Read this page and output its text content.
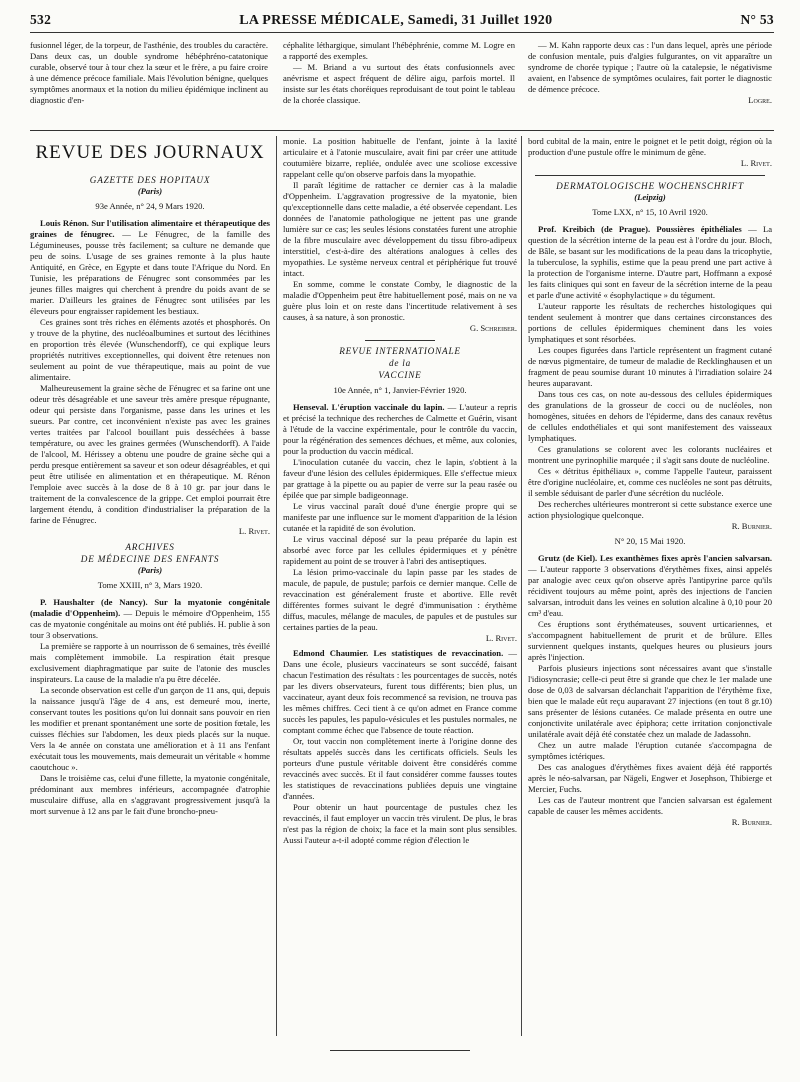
532	LA PRESSE MÉDICALE, Samedi, 31 Juillet 1920	N° 53

fusionnel léger, de la torpeur, de l'asthénie, des troubles du caractère. Dans deux cas, un double syndrome hébéphréno-catatonique curable, observé tour à tour chez la sœur et le frère, a pu faire croire à une démence précoce familiale. Mais l'évolution bénigne, quelques symptômes anormaux et la notion du milieu épidémique inclinent au diagnostic d'en-

céphalite léthargique, simulant l'hébéphrénie, comme M. Logre en a rapporté des exemples.

— M. Briand a vu surtout des états confusionnels avec anévrisme et aspect fréquent de délire aigu, parfois mortel. Il insiste sur les états choréiques reproduisant de tout point le tableau de la chorée classique.

— M. Kahn rapporte deux cas : l'un dans lequel, après une période de confusion mentale, puis d'algies fulgurantes, on vit apparaître un syndrome de chorée typique ; l'autre où la catalepsie, le négativisme avaient, en l'absence de symptômes oculaires, fait porter le diagnostic de démence précoce.

Logre.

REVUE DES JOURNAUX
GAZETTE DES HOPITAUX
(Paris)
93e Année, n° 24, 9 Mars 1920.

Louis Rénon. Sur l'utilisation alimentaire et thérapeutique des graines de fénugrec. — Le Fénugrec, de la famille des Légumineuses, pousse très facilement; sa culture ne demande que peu de soins. L'usage de ses graines remonte à la plus haute Antiquité, en Grèce, en Egypte et dans toute l'Afrique du Nord. En Tunisie, les préparations de Fénugrec sont consommées par les jeunes filles maigres qui cherchent à prendre du poids avant de se marier. D'ailleurs les graines de Fénugrec sont utilisées par les éleveurs pour engraisser rapidement les bestiaux.

Ces graines sont très riches en éléments azotés et phosphorés. On y trouve de la phytine, des nucléoalbumines et surtout des lécithines en proportion très élevée (Wunschendorff), ce qui explique leurs propriétés nutritives exceptionnelles, qui doivent être retenues non seulement au point de vue thérapeutique, mais au point de vue alimentaire.

Malheureusement la graine sèche de Fénugrec et sa farine ont une odeur très désagréable et une saveur très amère presque répugnante, odeur qui persiste dans l'organisme, passe dans les urines et les sueurs. Par contre, cet inconvénient n'existe pas avec les graines vertes traitées par l'alcool bouillant puis desséchées à basse température, ou avec les graines germées (Wunschendorff). A l'aide de l'alcool, M. Hérissey a obtenu une poudre de graine sèche qui a perdu presque entièrement sa saveur et son odeur désagréables, et qui peut être utilisée en alimentation et en thérapeutique. M. Rénon l'emploie avec succès à la dose de 8 à 10 gr. par jour dans le traitement de la convalescence de la grippe. Cet emploi pourrait être largement étendu, à condition d'industrialiser la préparation de la farine de Fénugrec.

L. Rivet.

ARCHIVES
DE MÉDECINE DES ENFANTS
(Paris)
Tome XXIII, n° 3, Mars 1920.

P. Haushalter (de Nancy). Sur la myatonie congénitale (maladie d'Oppenheim). — Depuis le mémoire d'Oppenheim, 155 cas de myatonie congénitale au moins ont été publiés. H. publie à son tour 3 observations.

La première se rapporte à un nourrisson de 6 semaines, très éveillé mais complètement immobile. La respiration était presque exclusivement diaphragmatique par suite de l'atonie des muscles inspirateurs. La cause de la maladie n'a pu être décelée.

La seconde observation est celle d'un garçon de 11 ans, qui, depuis la naissance jusqu'à l'âge de 4 ans, est demeuré mou, inerte, conservant toutes les positions qu'on lui donnait sans pouvoir en rien les modifier et prenant spontanément une sorte de position fœtale, les cuisses fléchies sur l'abdomen, les deux pieds placés sur la nuque. Vers la 4e année on constata une amélioration et à 11 ans l'enfant exécutait tous les mouvements, mais demeurait un véritable « homme caoutchouc ».

Dans le troisième cas, celui d'une fillette, la myatonie congénitale, prédominant aux membres inférieurs, accompagnée d'atrophie musculaire diffuse, alla en s'aggravant progressivement jusqu'à la mort survenue à 12 ans par le fait d'une broncho-pneu-

monie. La position habituelle de l'enfant, jointe à la laxité articulaire et à l'atonie musculaire, avait fini par créer une attitude coutumière bizarre, repliée, ondulée avec une scoliose excessive rappelant celle qu'on observe parfois dans la myopathie.

Il paraît légitime de rattacher ce dernier cas à la maladie d'Oppenheim. L'aggravation progressive de la myatonie, bien qu'exceptionnelle dans cette maladie, a été observée cependant. Les données de l'anatomie pathologique ne jettent pas une grande lumière sur ce cas; les seules lésions constatées furent une atrophie de la fibre musculaire avec développement du tissu fibro-adipeux interstitiel, c'est-à-dire des altérations analogues à celles des myopathies. Le système nerveux central et périphérique fut trouvé intact.

En somme, comme le constate Comby, le diagnostic de la maladie d'Oppenheim peut être habituellement posé, mais on ne va guère plus loin et on reste dans l'incertitude relativement à ses causes, à sa nature, à son pronostic.

G. Schreiber.

REVUE INTERNATIONALE
de la
VACCINE
10e Année, n° 1, Janvier-Février 1920.

Henseval. L'éruption vaccinale du lapin. — L'auteur a repris et précisé la technique des recherches de Calmette et Guérin, visant à l'étude de la vaccine expérimentale, pour le contrôle du vaccin, pour la régénération des semences déchues, et même, aux colonies, pour la production du vaccin médical.

L'inoculation cutanée du vaccin, chez le lapin, s'obtient à la faveur d'une lésion des cellules épidermiques. Elle s'effectue mieux par grattage à la pipette ou au papier de verre sur la peau rasée ou épilée que par simple badigeonnage.

Le virus vaccinal paraît doué d'une énergie propre qui se manifeste par une influence sur le moment d'apparition de la lésion cutanée et la rapidité de son évolution.

Le virus vaccinal déposé sur la peau préparée du lapin est absorbé avec force par les cellules épidermiques et y pénètre rapidement au point de se trouver à l'abri des antiseptiques.

La lésion primo-vaccinale du lapin passe par les stades de macule, de papule, de pustule; parfois ce dernier manque. Celle de revaccination est généralement fruste et abortive. Elle revêt différentes formes suivant le degré d'immunisation : érythème diffus, macules, mélange de macules, de papules et de pustules sur certaines parties de la peau.

L. Rivet.

Edmond Chaumier. Les statistiques de revaccination. — Dans une école, plusieurs vaccinateurs se sont succédé, faisant chacun l'estimation des résultats : les pourcentages de succès, notés par les divers observateurs, furent tous différents; bien plus, un vaccinateur, ayant deux fois recommencé sa revision, ne trouva pas les mêmes chiffres. Ceci tient à ce qu'on admet en France comme succès les papules, les papulo-vésicules et les pustules normales, ne comptant comme échec que l'absence de toute réaction.

Or, tout vaccin non complètement inerte à l'origine donne des résultats appelés succès dans les certificats officiels. Seuls les porteurs d'une pustule véritable doivent être considérés comme revaccinés avec succès. Et il faut considérer comme fausses toutes les statistiques de revaccinations publiées depuis une vingtaine d'années.

Pour obtenir un haut pourcentage de pustules chez les revaccinés, il faut employer un vaccin très virulent. De plus, le bras n'est pas la région de choix; la face et la main sont plus sensibles. Aussi l'auteur a-t-il adopté comme région d'élection le

bord cubital de la main, entre le poignet et le petit doigt, région où la production d'une pustule offre le minimum de gêne.

L. Rivet.

DERMATOLOGISCHE WOCHENSCHRIFT
(Leipzig)
Tome LXX, n° 15, 10 Avril 1920.

Prof. Kreibich (de Prague). Poussières épithéliales — La question de la sécrétion interne de la peau est à l'ordre du jour. Bloch, de Bâle, se basant sur les modifications de la peau dans la tricophytie, la tuberculose, la syphilis, estime que la peau prend une part active à la protection de l'organisme interne. D'autre part, Hoffmann a exposé les faits cliniques qui sont en faveur de la sécrétion interne de la peau et parle d'une activité « ésophylactique » du tégument.

L'auteur rapporte les résultats de recherches histologiques qui tendent seulement à montrer que dans certaines circonstances des portions de cellules épidermiques cheminent dans les voies lymphatiques et sont résorbées.

Les coupes figurées dans l'article représentent un fragment cutané de nœvus pigmentaire, de tumeur de maladie de Recklinghausen et un fragment de peau soumise durant 10 minutes à l'irradiation solaire 24 heures auparavant.

Dans tous ces cas, on note au-dessous des cellules épidermiques des granulations de la grosseur de cocci ou de nucléoles, non homogènes, situées en dehors de l'épiderme, dans des canaux revêtus de cellules endothéliales et qui sont manifestement des vaisseaux lymphatiques.

Ces granulations se colorent avec les colorants nucléaires et montrent une pyrinophilie marquée ; il s'agit sans doute de nucléoline.

Ces « détritus épithéliaux », comme l'appelle l'auteur, paraissent être d'origine nucléolaire, et, comme ces nucléoles ne sont pas détruits, il semble séduisant de parler d'une sécrétion du nucléole.

Des recherches ultérieures montreront si cette substance exerce une action physiologique quelconque.

R. Burnier.

N° 20, 15 Mai 1920.

Grutz (de Kiel). Les exanthèmes fixes après l'ancien salvarsan. — L'auteur rapporte 3 observations d'érythèmes fixes, ainsi appelés par analogie avec ceux qu'on observe après l'antipyrine parce qu'ils récidivent toujours au même point, après des injections de l'ancien salvarsan, introduit dans les veines en solution alcaline à 0,10 pour 20 cm³ d'eau.

Ces éruptions sont érythémateuses, souvent urticariennes, et s'accompagnent habituellement de prurit et de brûlure. Elles surviennent quelques instants, quelques heures ou plusieurs jours après l'injection.

Parfois plusieurs injections sont nécessaires avant que s'installe l'idiosyncrasie; celle-ci peut être si grande que chez le 1er malade une dose de 0,03 de salvarsan déclanchait l'apparition de l'érythème fixe, bien que le malade eût reçu auparavant 27 injections (en tout 8 gr.10) sans présenter de lésions cutanées. Ce malade présenta en outre une conjonctivite unilatérale avec épiphora; cette irritation conjonctivale unilatérale avait déjà été constatée chez un malade de Jadassohn.

Chez un autre malade l'éruption cutanée s'accompagna de symptômes ictériques.

Des cas analogues d'érythèmes fixes avaient déjà été rapportés après le néo-salvarsan, par Nägeli, Engwer et Josephson, Thibierge et Mercier, Fuchs.

Les cas de l'auteur montrent que l'ancien salvarsan est également capable de causer les mêmes accidents.

R. Burnier.
